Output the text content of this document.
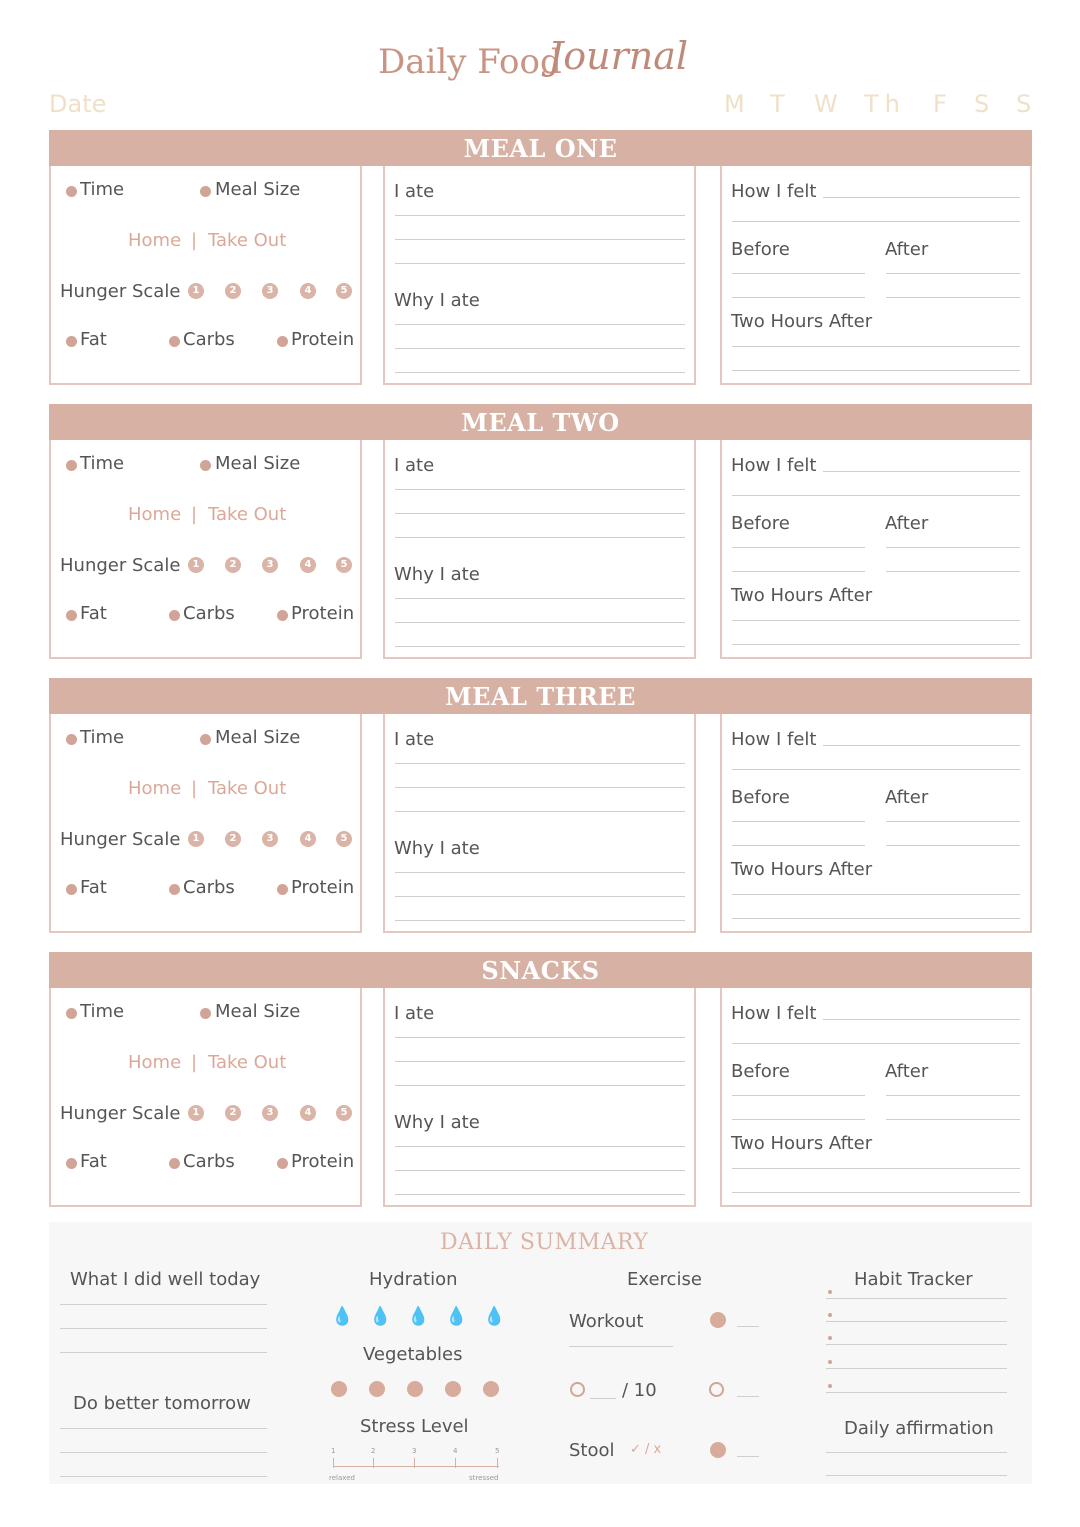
Daily Food
Journal
Date	M T W Th F S S
MEAL ONE
Time	Meal Size
Home | Take Out
Hunger Scale	1	2	3	4	5
Fat	Carbs	Protein
I ate
Why I ate
How I felt
Before	After
Two Hours After
MEAL TWO
Time	Meal Size
Home | Take Out
Hunger Scale	1	2	3	4	5
Fat	Carbs	Protein
I ate
Why I ate
How I felt
Before	After
Two Hours After
MEAL THREE
Time	Meal Size
Home | Take Out
Hunger Scale	1	2	3	4	5
Fat	Carbs	Protein
I ate
Why I ate
How I felt
Before	After
Two Hours After
SNACKS
Time	Meal Size
Home | Take Out
Hunger Scale	1	2	3	4	5
Fat	Carbs	Protein
I ate
Why I ate
How I felt
Before	After
Two Hours After
DAILY SUMMARY
What I did well today
Do better tomorrow
Hydration
💧 💧 💧 💧 💧
Vegetables
Stress Level
1	2	3	4	5
relaxed	stressed
Exercise
Workout
/ 10
Stool ✓ / x
Habit Tracker
Daily affirmation
